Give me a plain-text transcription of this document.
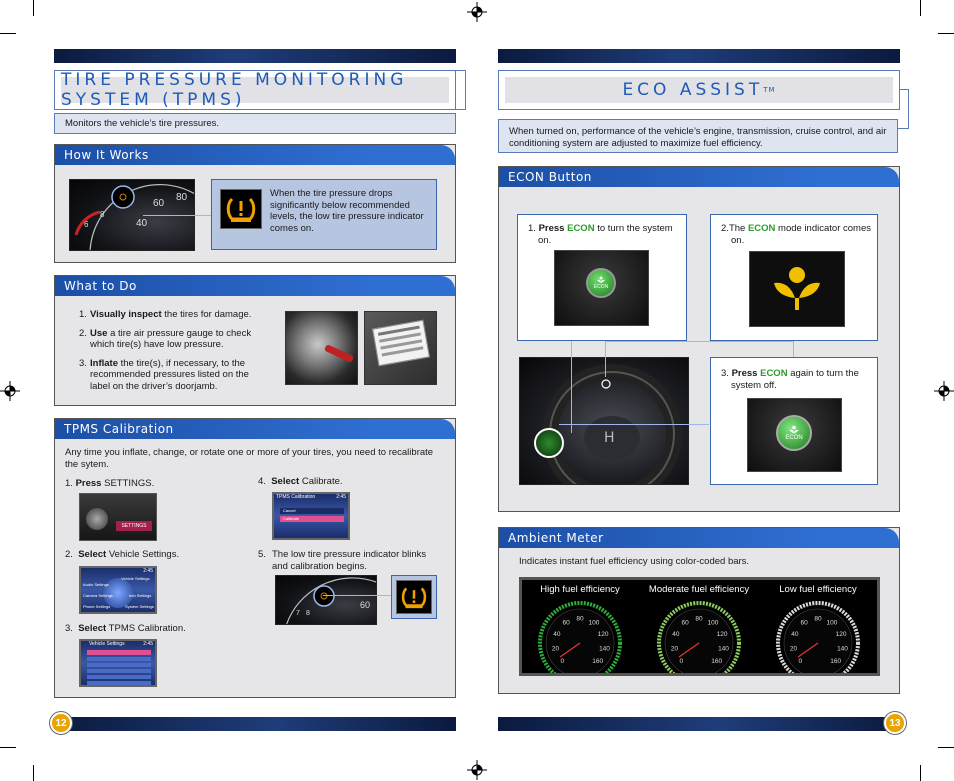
TIRE PRESSURE MONITORING SYSTEM (TPMS)
Monitors the vehicle’s tire pressures.
How It Works
60
80
40
8
6
When the tire pressure drops significantly below recommended levels, the low tire pressure indicator comes on.
What to Do
1. Visually inspect the tires for damage.
2. Use a tire air pressure gauge to check which tire(s) have low pressure.
3. Inflate the tire(s), if necessary, to the recommended pressures listed on the label on the driver’s doorjamb.
TPMS Calibration
Any time you inflate, change, or rotate one or more of your tires, you need to recalibrate the sytem.
1. Press SETTINGS.
SETTINGS
2. Select Vehicle Settings.
2:45
Audio Settings
Vehicle Settings
Camera Settings	Info Settings
Phone Settings	System Settings
3. Select TPMS Calibration.
Vehicle Settings	2:45
4. Select Calibrate.
TPMS Calibration	2:45
Cancel
Calibrate
5. The low tire pressure indicator blinks and calibration begins.
60
7 8
12
ECO ASSIST TM
When turned on, performance of the vehicle’s engine, transmission, cruise control, and air conditioning system are adjusted to maximize fuel efficiency.
ECON Button
1. Press ECON to turn the system on.
ECON
2.The ECON mode indicator comes on.
H
3. Press ECON again to turn the system off.
ECON
Ambient Meter
Indicates instant fuel efficiency using color-coded bars.
High fuel efficiency
0
20
40
60
80
100
120
140
160
Moderate fuel efficiency
0
20
40
60
80
100
120
140
160
Low fuel efficiency
0
20
40
60
80
100
120
140
160
13
